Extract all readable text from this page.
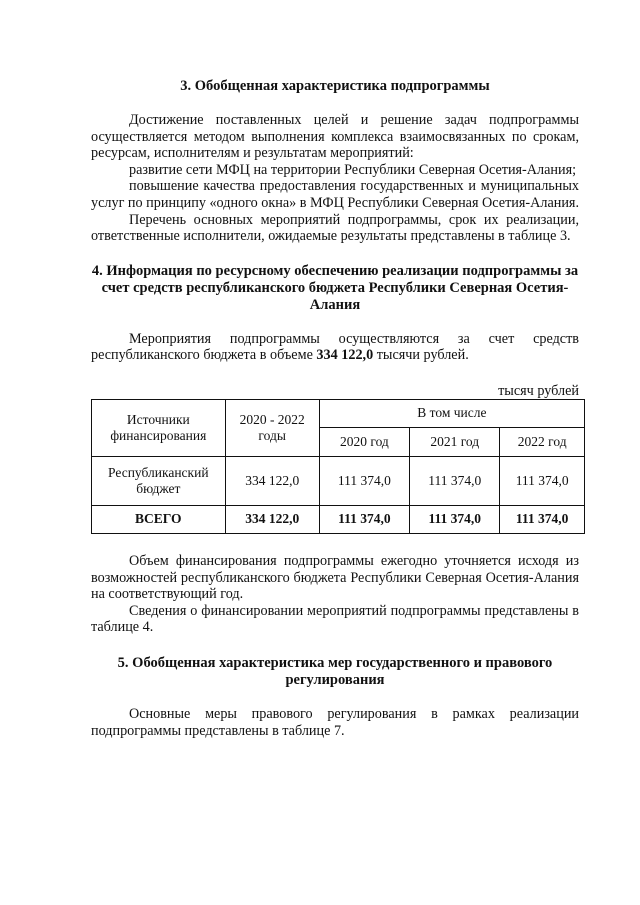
3. Обобщенная характеристика подпрограммы

Достижение поставленных целей и решение задач подпрограммы осуществляется методом выполнения комплекса взаимосвязанных по срокам, ресурсам, исполнителям и результатам мероприятий:

развитие сети МФЦ на территории Республики Северная Осетия-Алания;

повышение качества предоставления государственных и муниципальных услуг по принципу «одного окна» в МФЦ Республики Северная Осетия-Алания.

Перечень основных мероприятий подпрограммы, срок их реализации, ответственные исполнители, ожидаемые результаты представлены в таблице 3.

4. Информация по ресурсному обеспечению реализации подпрограммы за счет средств республиканского бюджета Республики Северная Осетия-Алания

Мероприятия подпрограммы осуществляются за счет средств республиканского бюджета в объеме 334 122,0 тысячи рублей.

тысяч рублей

Источники финансирования	2020 - 2022 годы	В том числе		
		2020 год	2021 год	2022 год
Республиканский бюджет	334 122,0	111 374,0	111 374,0	111 374,0
ВСЕГО	334 122,0	111 374,0	111 374,0	111 374,0

Объем финансирования подпрограммы ежегодно уточняется исходя из возможностей республиканского бюджета Республики Северная Осетия-Алания на соответствующий год.

Сведения о финансировании мероприятий подпрограммы представлены в таблице 4.

5. Обобщенная характеристика мер государственного и правового регулирования

Основные меры правового регулирования в рамках реализации подпрограммы представлены в таблице 7.
